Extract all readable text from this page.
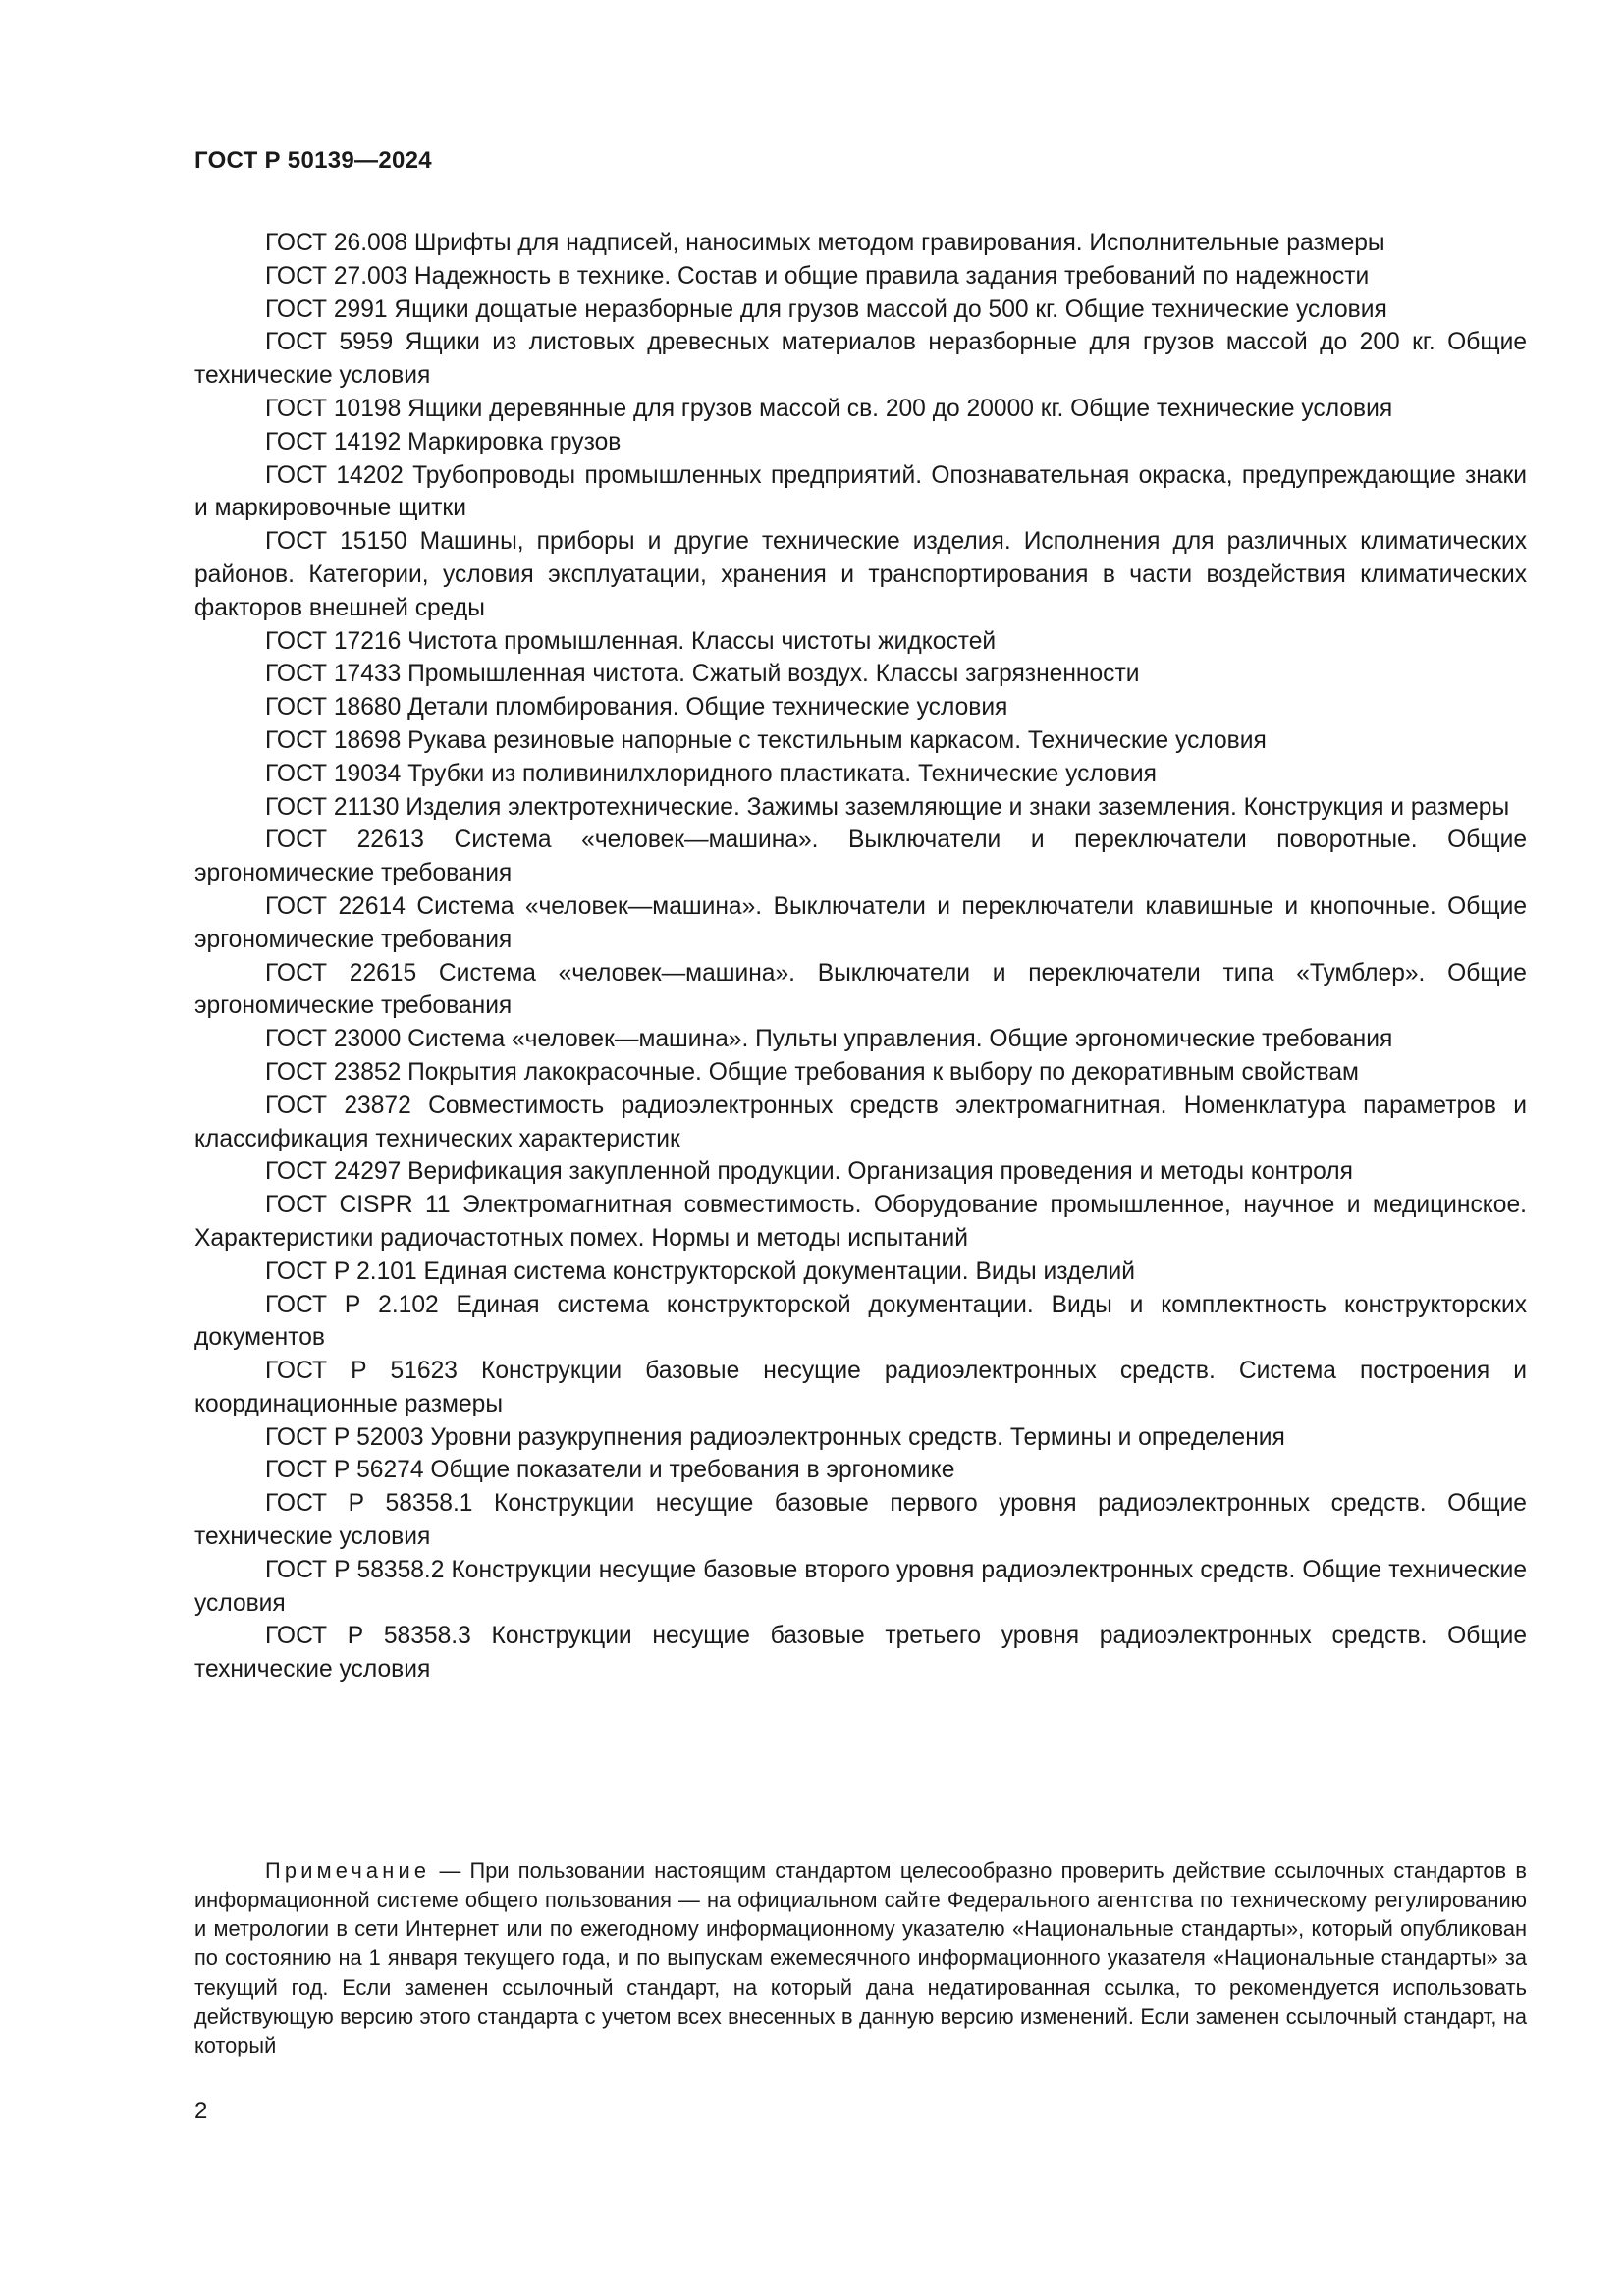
ГОСТ Р 50139—2024

ГОСТ 26.008 Шрифты для надписей, наносимых методом гравирования. Исполнительные размеры

ГОСТ 27.003 Надежность в технике. Состав и общие правила задания требований по надежности

ГОСТ 2991 Ящики дощатые неразборные для грузов массой до 500 кг. Общие технические условия

ГОСТ 5959 Ящики из листовых древесных материалов неразборные для грузов массой до 200 кг. Общие технические условия

ГОСТ 10198 Ящики деревянные для грузов массой св. 200 до 20000 кг. Общие технические условия

ГОСТ 14192 Маркировка грузов

ГОСТ 14202 Трубопроводы промышленных предприятий. Опознавательная окраска, предупреждающие знаки и маркировочные щитки

ГОСТ 15150 Машины, приборы и другие технические изделия. Исполнения для различных климатических районов. Категории, условия эксплуатации, хранения и транспортирования в части воздействия климатических факторов внешней среды

ГОСТ 17216 Чистота промышленная. Классы чистоты жидкостей

ГОСТ 17433 Промышленная чистота. Сжатый воздух. Классы загрязненности

ГОСТ 18680 Детали пломбирования. Общие технические условия

ГОСТ 18698 Рукава резиновые напорные с текстильным каркасом. Технические условия

ГОСТ 19034 Трубки из поливинилхлоридного пластиката. Технические условия

ГОСТ 21130 Изделия электротехнические. Зажимы заземляющие и знаки заземления. Конструкция и размеры

ГОСТ 22613 Система «человек—машина». Выключатели и переключатели поворотные. Общие эргономические требования

ГОСТ 22614 Система «человек—машина». Выключатели и переключатели клавишные и кнопочные. Общие эргономические требования

ГОСТ 22615 Система «человек—машина». Выключатели и переключатели типа «Тумблер». Общие эргономические требования

ГОСТ 23000 Система «человек—машина». Пульты управления. Общие эргономические требования

ГОСТ 23852 Покрытия лакокрасочные. Общие требования к выбору по декоративным свойствам

ГОСТ 23872 Совместимость радиоэлектронных средств электромагнитная. Номенклатура параметров и классификация технических характеристик

ГОСТ 24297 Верификация закупленной продукции. Организация проведения и методы контроля

ГОСТ CISPR 11 Электромагнитная совместимость. Оборудование промышленное, научное и медицинское. Характеристики радиочастотных помех. Нормы и методы испытаний

ГОСТ Р 2.101 Единая система конструкторской документации. Виды изделий

ГОСТ Р 2.102 Единая система конструкторской документации. Виды и комплектность конструкторских документов

ГОСТ Р 51623 Конструкции базовые несущие радиоэлектронных средств. Система построения и координационные размеры

ГОСТ Р 52003 Уровни разукрупнения радиоэлектронных средств. Термины и определения

ГОСТ Р 56274 Общие показатели и требования в эргономике

ГОСТ Р 58358.1 Конструкции несущие базовые первого уровня радиоэлектронных средств. Общие технические условия

ГОСТ Р 58358.2 Конструкции несущие базовые второго уровня радиоэлектронных средств. Общие технические условия

ГОСТ Р 58358.3 Конструкции несущие базовые третьего уровня радиоэлектронных средств. Общие технические условия

Примечание — При пользовании настоящим стандартом целесообразно проверить действие ссылочных стандартов в информационной системе общего пользования — на официальном сайте Федерального агентства по техническому регулированию и метрологии в сети Интернет или по ежегодному информационному указателю «Национальные стандарты», который опубликован по состоянию на 1 января текущего года, и по выпускам ежемесячного информационного указателя «Национальные стандарты» за текущий год. Если заменен ссылочный стандарт, на который дана недатированная ссылка, то рекомендуется использовать действующую версию этого стандарта с учетом всех внесенных в данную версию изменений. Если заменен ссылочный стандарт, на который

2
